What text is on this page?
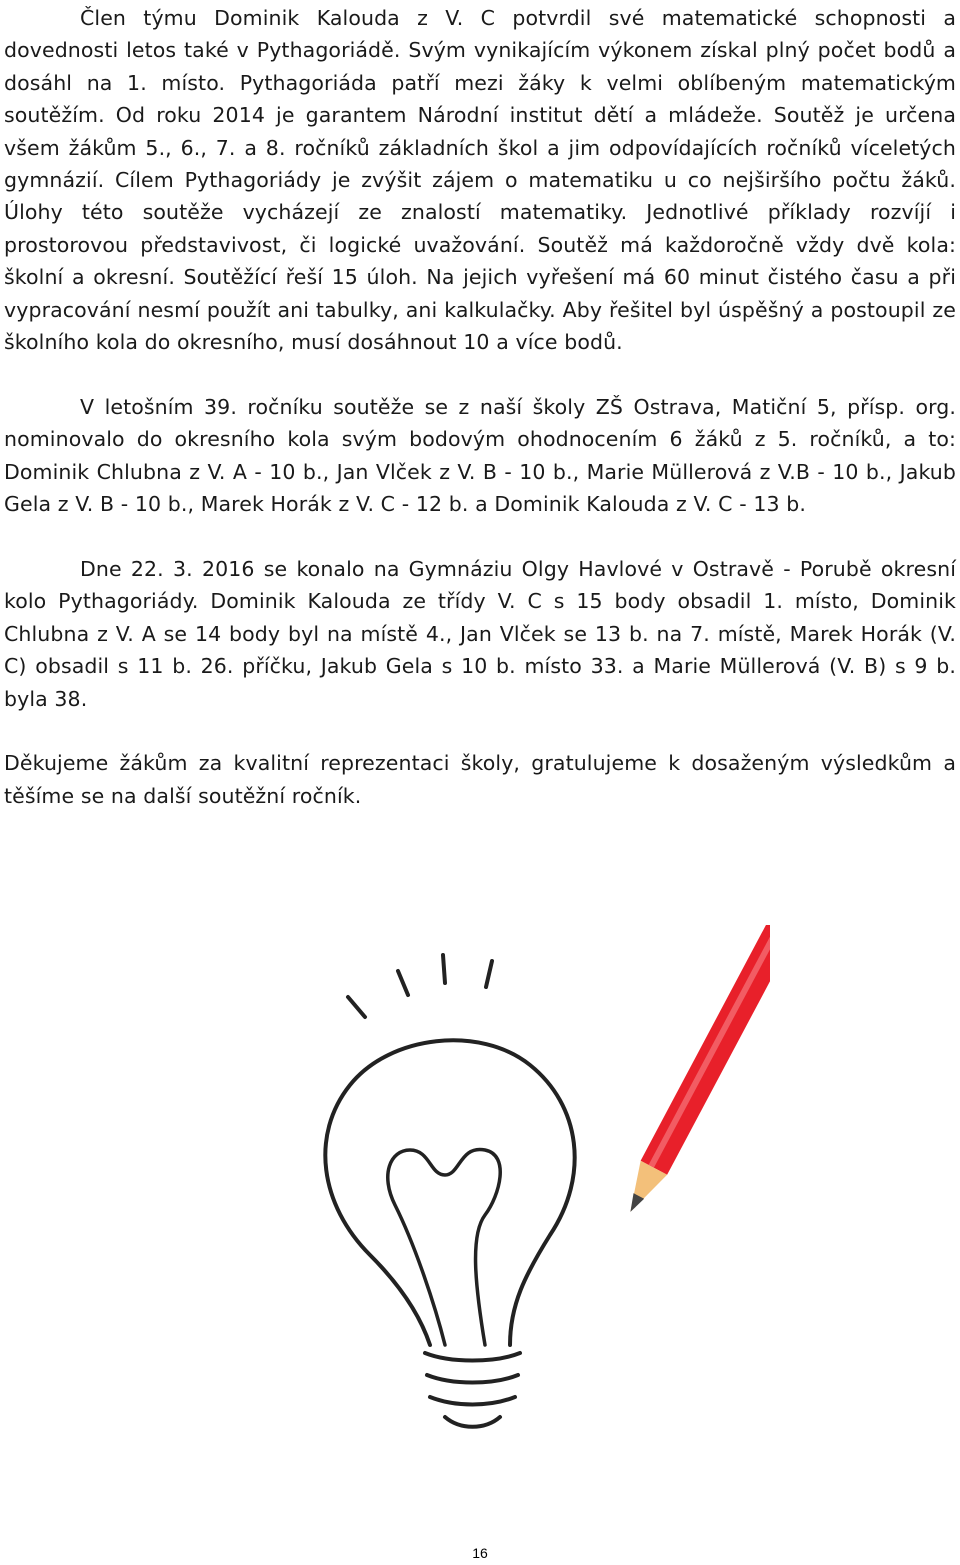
Člen týmu Dominik Kalouda z V. C potvrdil své matematické schopnosti a dovednosti letos také v Pythagoriádě. Svým vynikajícím výkonem získal plný počet bodů a dosáhl na 1. místo. Pythagoriáda patří mezi žáky k velmi oblíbeným matematickým soutěžím. Od roku 2014 je garantem Národní institut dětí a mládeže. Soutěž je určena všem žákům 5., 6., 7. a 8. ročníků základních škol a jim odpovídajících ročníků víceletých gymnázií. Cílem Pythagoriády je zvýšit zájem o matematiku u co nejširšího počtu žáků. Úlohy této soutěže vycházejí ze znalostí matematiky. Jednotlivé příklady rozvíjí i prostorovou představivost, či logické uvažování. Soutěž má každoročně vždy dvě kola: školní a okresní. Soutěžící řeší 15 úloh. Na jejich vyřešení má 60 minut čistého času a při vypracování nesmí použít ani tabulky, ani kalkulačky. Aby řešitel byl úspěšný a postoupil ze školního kola do okresního, musí dosáhnout 10 a více bodů.

V letošním 39. ročníku soutěže se z naší školy ZŠ Ostrava, Matiční 5, přísp. org. nominovalo do okresního kola svým bodovým ohodnocením 6 žáků z 5. ročníků, a to: Dominik Chlubna z V. A - 10 b., Jan Vlček z V. B - 10 b., Marie Müllerová z V.B - 10 b., Jakub Gela z V. B - 10 b., Marek Horák z V. C - 12 b. a Dominik Kalouda z V. C - 13 b.

Dne 22. 3. 2016 se konalo na Gymnáziu Olgy Havlové v Ostravě - Porubě okresní kolo Pythagoriády. Dominik Kalouda ze třídy V. C s 15 body obsadil 1. místo, Dominik Chlubna z V. A se 14 body byl na místě 4., Jan Vlček se 13 b. na 7. místě, Marek Horák (V. C) obsadil s 11 b. 26. příčku, Jakub Gela s 10 b. místo 33. a Marie Müllerová (V. B) s 9 b. byla 38.

Děkujeme žákům za kvalitní reprezentaci školy, gratulujeme k dosaženým výsledkům a těšíme se na další soutěžní ročník.

16
